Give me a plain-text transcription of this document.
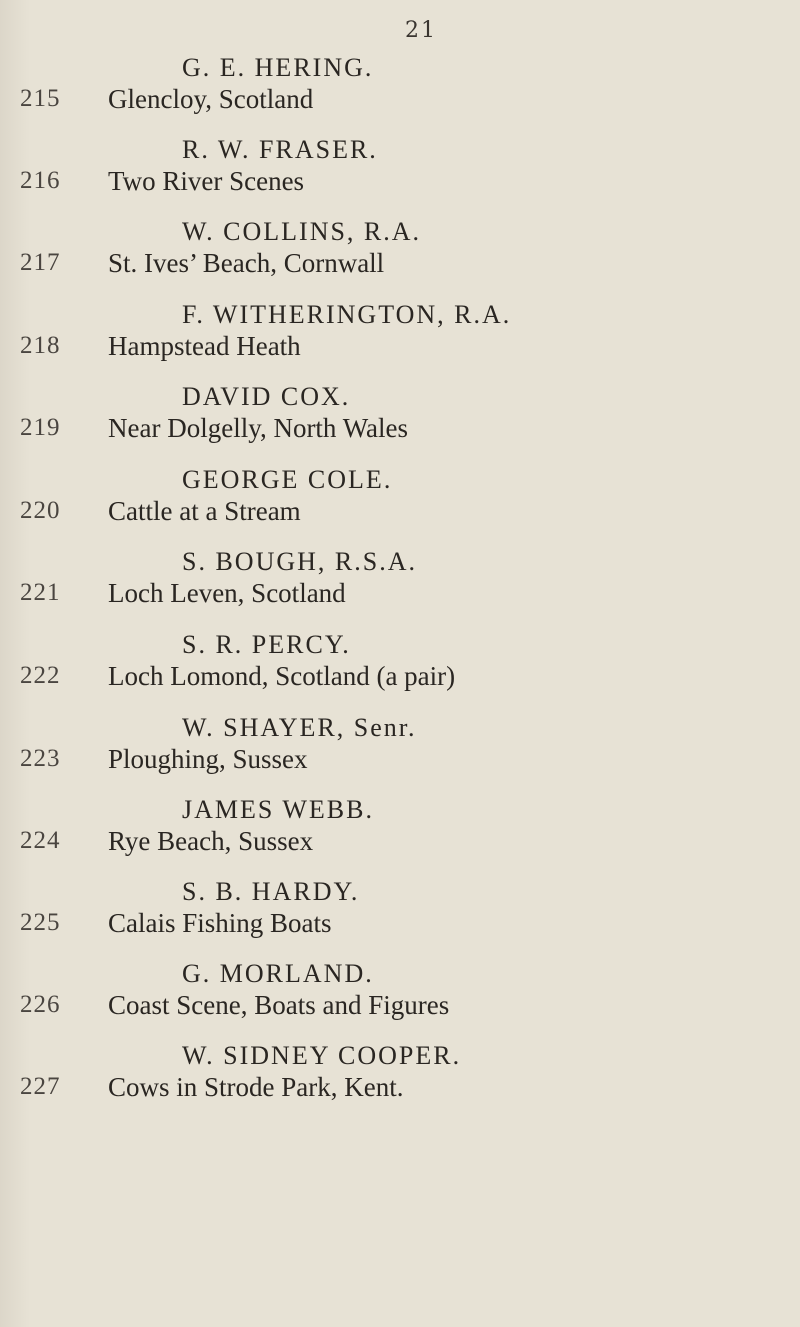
21
G. E. HERING.
215 Glencloy, Scotland
R. W. FRASER.
216 Two River Scenes
W. COLLINS, R.A.
217 St. Ives’ Beach, Cornwall
F. WITHERINGTON, R.A.
218 Hampstead Heath
DAVID COX.
219 Near Dolgelly, North Wales
GEORGE COLE.
220 Cattle at a Stream
S. BOUGH, R.S.A.
221 Loch Leven, Scotland
S. R. PERCY.
222 Loch Lomond, Scotland (a pair)
W. SHAYER, Senr.
223 Ploughing, Sussex
JAMES WEBB.
224 Rye Beach, Sussex
S. B. HARDY.
225 Calais Fishing Boats
G. MORLAND.
226 Coast Scene, Boats and Figures
W. SIDNEY COOPER.
227 Cows in Strode Park, Kent.
